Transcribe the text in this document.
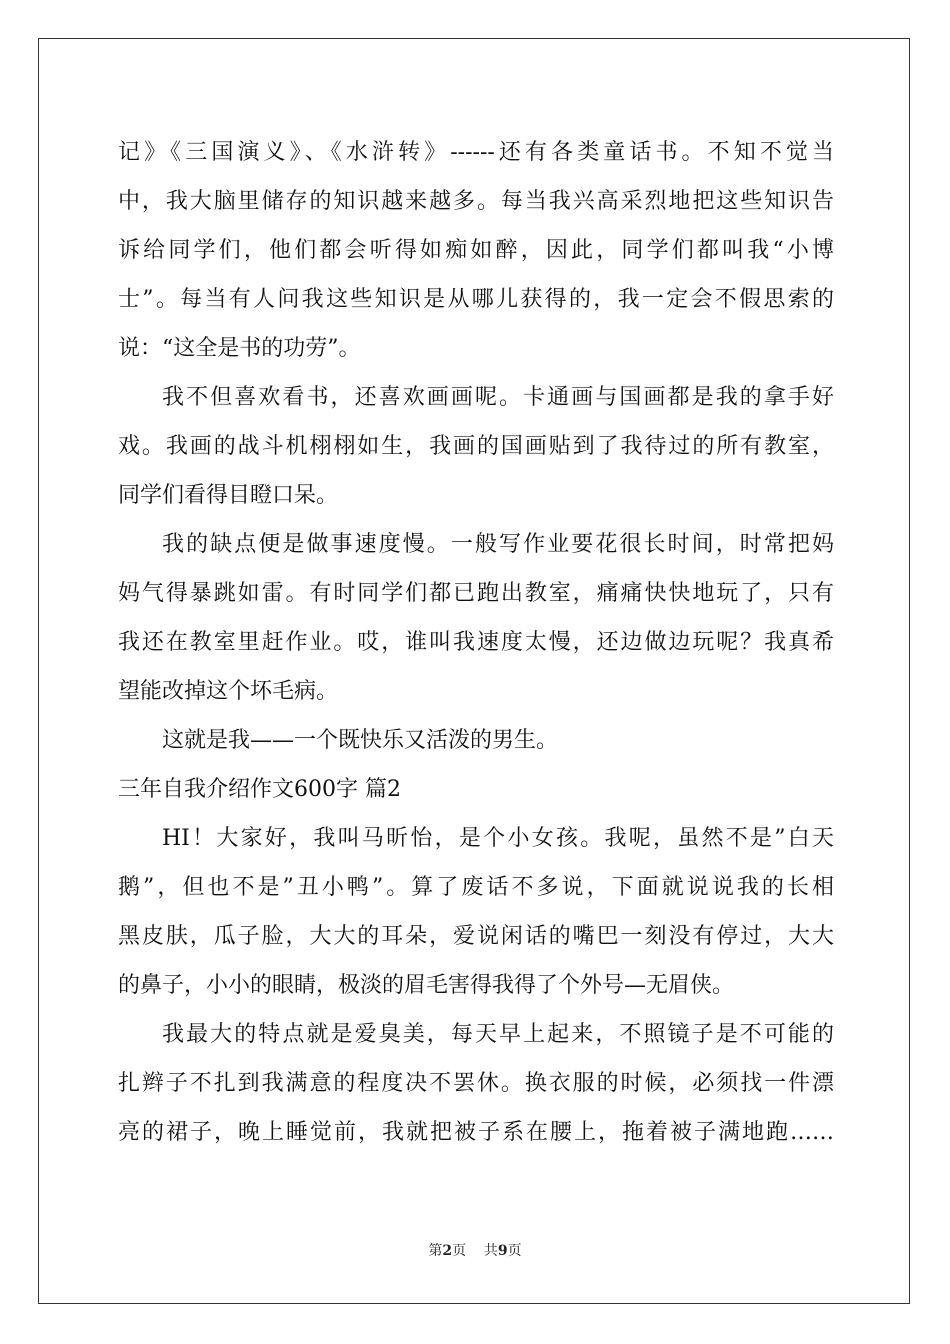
记》《三国演义》、《水浒转》------还有各类童话书。不知不觉当
中，我大脑里储存的知识越来越多。每当我兴高采烈地把这些知识告
诉给同学们，他们都会听得如痴如醉，因此，同学们都叫我“小博
士”。每当有人问我这些知识是从哪儿获得的，我一定会不假思索的
说：“这全是书的功劳”。
我不但喜欢看书，还喜欢画画呢。卡通画与国画都是我的拿手好
戏。我画的战斗机栩栩如生，我画的国画贴到了我待过的所有教室，
同学们看得目瞪口呆。
我的缺点便是做事速度慢。一般写作业要花很长时间，时常把妈
妈气得暴跳如雷。有时同学们都已跑出教室，痛痛快快地玩了，只有
我还在教室里赶作业。哎，谁叫我速度太慢，还边做边玩呢？我真希
望能改掉这个坏毛病。
这就是我——一个既快乐又活泼的男生。
三年自我介绍作文600字 篇2
HI！大家好，我叫马昕怡，是个小女孩。我呢，虽然不是”白天
鹅”，但也不是”丑小鸭”。算了废话不多说，下面就说说我的长相
黑皮肤，瓜子脸，大大的耳朵，爱说闲话的嘴巴一刻没有停过，大大
的鼻子，小小的眼睛，极淡的眉毛害得我得了个外号—无眉侠。
我最大的特点就是爱臭美，每天早上起来，不照镜子是不可能的
扎辫子不扎到我满意的程度决不罢休。换衣服的时候，必须找一件漂
亮的裙子，晚上睡觉前，我就把被子系在腰上，拖着被子满地跑……
第2页    共9页
